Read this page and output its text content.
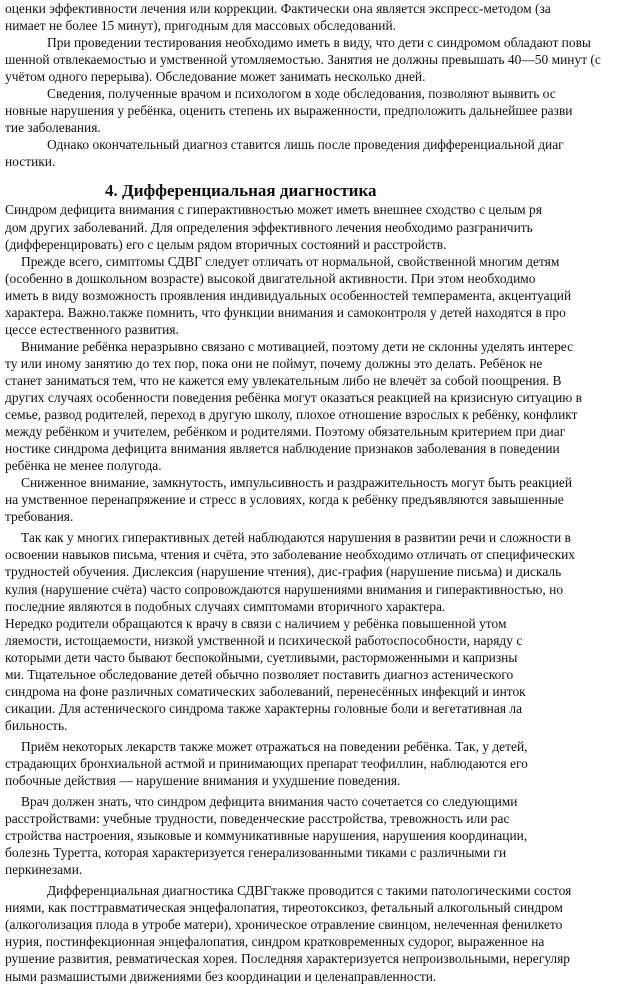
оценки эффективности лечения или коррекции. Фактически она является экспресс-методом (за
нимает не более 15 минут), пригодным для массовых обследований.

При проведении тестирования необходимо иметь в виду, что дети с синдромом обладают повы
шенной отвлекаемостью и умственной утомляемостью. Занятия не должны превышать 40—50 минут (с
учётом одного перерыва). Обследование может занимать несколько дней.

Сведения, полученные врачом и психологом в ходе обследования, позволяют выявить ос
новные нарушения у ребёнка, оценить степень их выраженности, предположить дальнейшее разви
тие заболевания.

Однако окончательный диагноз ставится лишь после проведения дифференциальной диаг
ностики.

4. Дифференциальная диагностика

Синдром дефицита внимания с гиперактивностью может иметь внешнее сходство с целым ря
дом других заболеваний. Для определения эффективного лечения необходимо разграничить
(дифференцировать) его с целым рядом вторичных состояний и расстройств.

Прежде всего, симптомы СДВГ следует отличать от нормальной, свойственной многим детям
(особенно в дошкольном возрасте) высокой двигательной активности. При этом необходимо
иметь в виду возможность проявления индивидуальных особенностей темперамента, акцентуаций
характера. Важно.также помнить, что функции внимания и самоконтроля у детей находятся в про
цессе естественного развития.

Внимание ребёнка неразрывно связано с мотивацией, поэтому дети не склонны уделять интерес
ту или иному занятию до тех пор, пока они не поймут, почему должны это делать. Ребёнок не
станет заниматься тем, что не кажется ему увлекательным либо не влечёт за собой поощрения. В
других случаях особенности поведения ребёнка могут оказаться реакцией на кризисную ситуацию в
семье, развод родителей, переход в другую школу, плохое отношение взрослых к ребёнку, конфликт
между ребёнком и учителем, ребёнком и родителями. Поэтому обязательным критерием при диаг
ностике синдрома дефицита внимания является наблюдение признаков заболевания в поведении
ребёнка не менее полугода.

Сниженное внимание, замкнутость, импульсивность и раздражительность могут быть реакцией
на умственное перенапряжение и стресс в условиях, когда к ребёнку предъявляются завышенные
требования.

Так как у многих гиперактивных детей наблюдаются нарушения в развитии речи и сложности в
освоении навыков письма, чтения и счёта, это заболевание необходимо отличать от специфических
трудностей обучения. Дислексия (нарушение чтения), дис-графия (нарушение письма) и дискаль
кулия (нарушение счёта) часто сопровождаются нарушениями внимания и гиперактивностью, но
последние являются в подобных случаях симптомами вторичного характера.

Нередко родители обращаются к врачу в связи с наличием у ребёнка повышенной утом
ляемости, истощаемости, низкой умственной и психической работоспособности, наряду с
которыми дети часто бывают беспокойными, суетливыми, расторможенными и капризны
ми. Тщательное обследование детей обычно позволяет поставить диагноз астенического
синдрома на фоне различных соматических заболеваний, перенесённых инфекций и инток
сикации. Для астенического синдрома также характерны головные боли и вегетативная ла
бильность.

Приём некоторых лекарств также может отражаться на поведении ребёнка. Так, у детей,
страдающих бронхиальной астмой и принимающих препарат теофиллин, наблюдаются его
побочные действия — нарушение внимания и ухудшение поведения.

Врач должен знать, что синдром дефицита внимания часто сочетается со следующими
расстройствами: учебные трудности, поведенческие расстройства, тревожность или рас
стройства настроения, языковые и коммуникативные нарушения, нарушения координации,
болезнь Туретта, которая характеризуется генерализованными тиками с различными ги
перкинезами.

Дифференциальная диагностика СДВГтакже проводится с такими патологическими состоя
ниями, как посттравматическая энцефалопатия, тиреотоксикоз, фетальный алкогольный синдром
(алкоголизация плода в утробе матери), хроническое отравление свинцом, нелеченная фенилкето
нурия, постинфекционная энцефалопатия, синдром кратковременных судорог, выраженное на
рушение развития, ревматическая хорея. Последняя характеризуется непроизвольными, нерегуляр
ными размашистыми движениями без координации и целенаправленности.
